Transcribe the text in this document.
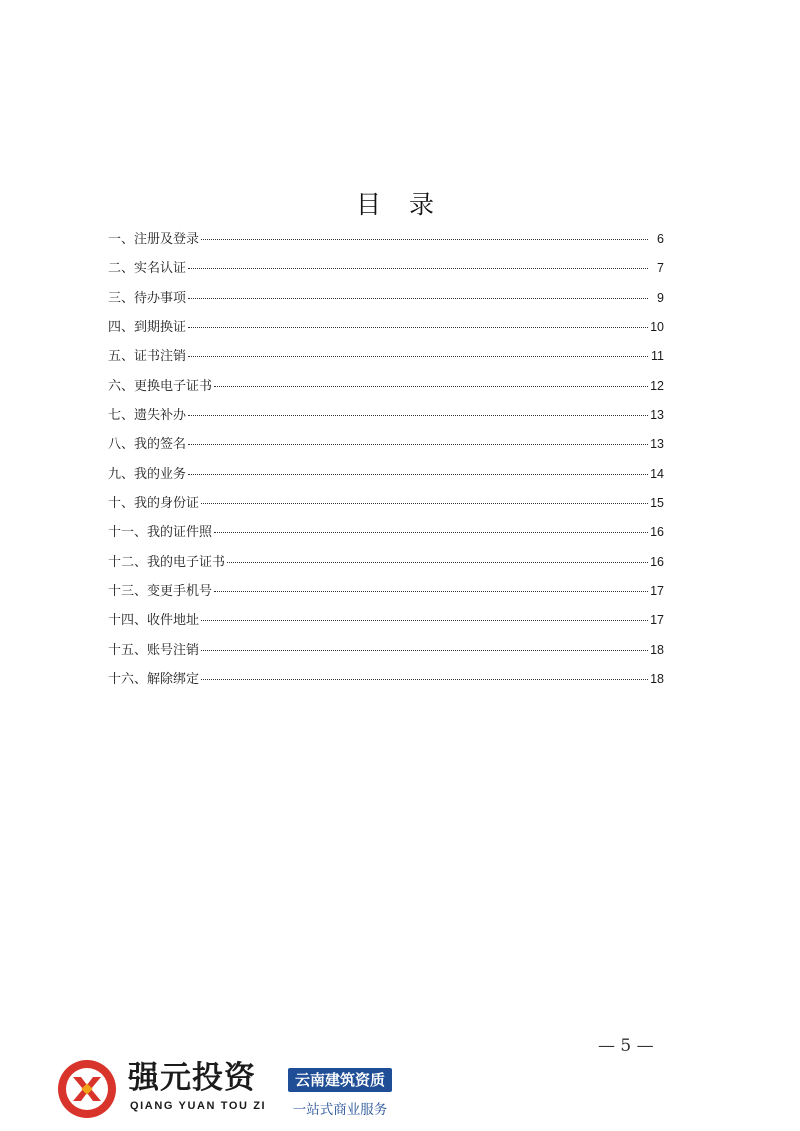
目 录
一、注册及登录	6
二、实名认证	7
三、待办事项	9
四、到期换证	10
五、证书注销	11
六、更换电子证书	12
七、遗失补办	13
八、我的签名	13
九、我的业务	14
十、我的身份证	15
十一、我的证件照	16
十二、我的电子证书	16
十三、变更手机号	17
十四、收件地址	17
十五、账号注销	18
十六、解除绑定	18
— 5 —
强元投资
QIANG YUAN TOU ZI
云南建筑资质
一站式商业服务
